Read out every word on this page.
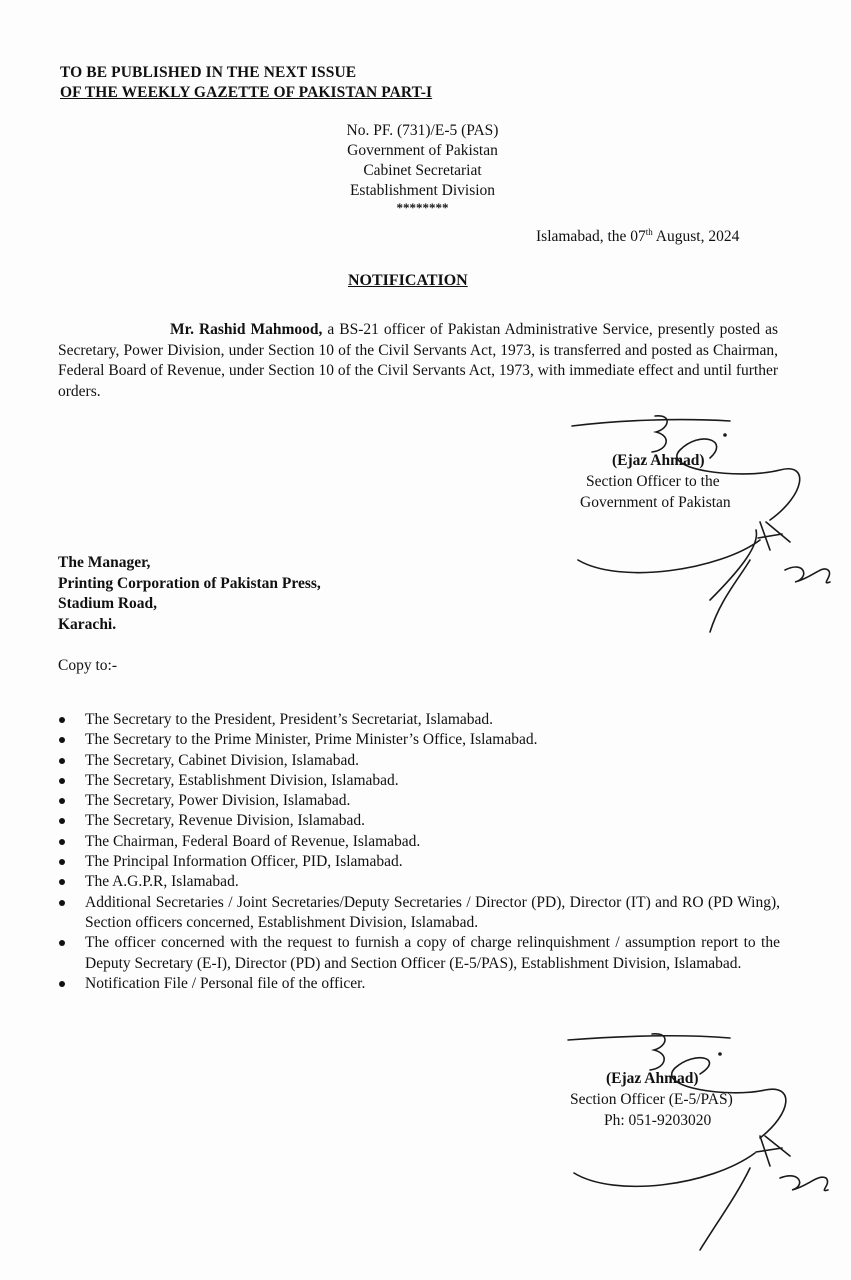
TO BE PUBLISHED IN THE NEXT ISSUE
OF THE WEEKLY GAZETTE OF PAKISTAN PART-I
No. PF. (731)/E-5 (PAS)
Government of Pakistan
Cabinet Secretariat
Establishment Division
********
Islamabad, the 07th August, 2024
NOTIFICATION
Mr. Rashid Mahmood, a BS-21 officer of Pakistan Administrative Service, presently posted as Secretary, Power Division, under Section 10 of the Civil Servants Act, 1973, is transferred and posted as Chairman, Federal Board of Revenue, under Section 10 of the Civil Servants Act, 1973, with immediate effect and until further orders.
(Ejaz Ahmad)
Section Officer to the
Government of Pakistan
The Manager,
Printing Corporation of Pakistan Press,
Stadium Road,
Karachi.
Copy to:-
The Secretary to the President, President’s Secretariat, Islamabad.
The Secretary to the Prime Minister, Prime Minister’s Office, Islamabad.
The Secretary, Cabinet Division, Islamabad.
The Secretary, Establishment Division, Islamabad.
The Secretary, Power Division, Islamabad.
The Secretary, Revenue Division, Islamabad.
The Chairman, Federal Board of Revenue, Islamabad.
The Principal Information Officer, PID, Islamabad.
The A.G.P.R, Islamabad.
Additional Secretaries / Joint Secretaries/Deputy Secretaries / Director (PD), Director (IT) and RO (PD Wing), Section officers concerned, Establishment Division, Islamabad.
The officer concerned with the request to furnish a copy of charge relinquishment / assumption report to the Deputy Secretary (E-I), Director (PD) and Section Officer (E-5/PAS), Establishment Division, Islamabad.
Notification File / Personal file of the officer.
(Ejaz Ahmad)
Section Officer (E-5/PAS)
Ph: 051-9203020
